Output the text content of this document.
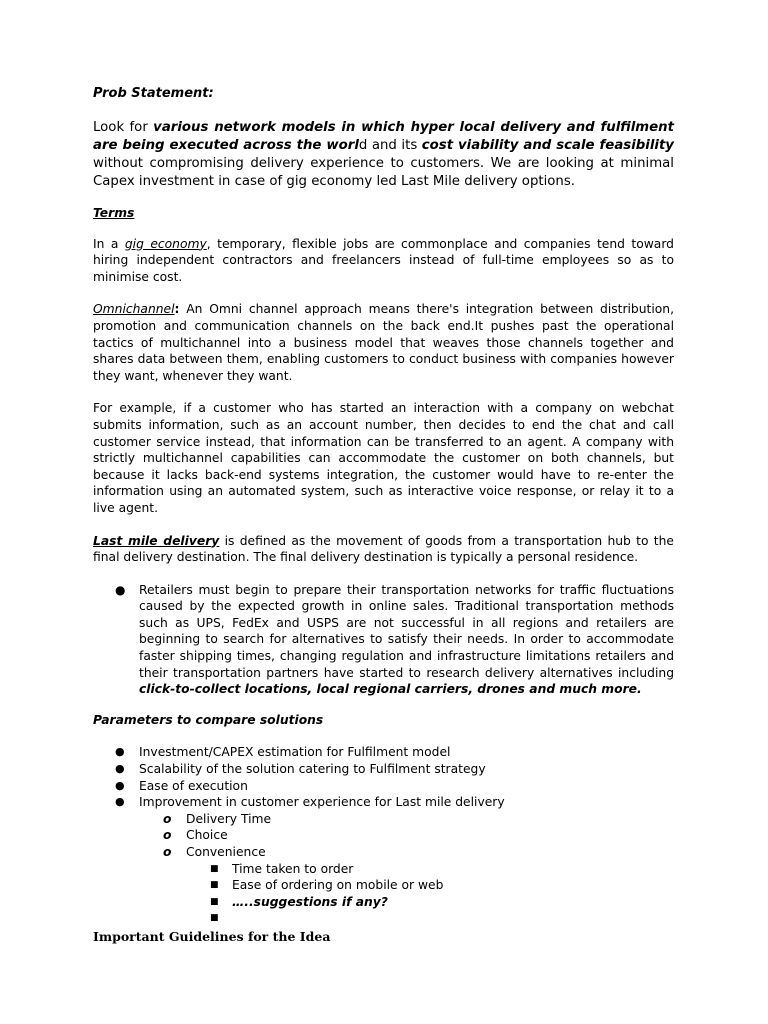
Prob Statement:

Look for various network models in which hyper local delivery and fulfilment are being executed across the world and its cost viability and scale feasibility without compromising delivery experience to customers. We are looking at minimal Capex investment in case of gig economy led Last Mile delivery options.

Terms

In a gig economy, temporary, flexible jobs are commonplace and companies tend toward hiring independent contractors and freelancers instead of full-time employees so as to minimise cost.

Omnichannel: An Omni channel approach means there's integration between distribution, promotion and communication channels on the back end.It pushes past the operational tactics of multichannel into a business model that weaves those channels together and shares data between them, enabling customers to conduct business with companies however they want, whenever they want.

For example, if a customer who has started an interaction with a company on webchat submits information, such as an account number, then decides to end the chat and call customer service instead, that information can be transferred to an agent. A company with strictly multichannel capabilities can accommodate the customer on both channels, but because it lacks back-end systems integration, the customer would have to re-enter the information using an automated system, such as interactive voice response, or relay it to a live agent.

Last mile delivery is defined as the movement of goods from a transportation hub to the final delivery destination. The final delivery destination is typically a personal residence.

● Retailers must begin to prepare their transportation networks for traffic fluctuations caused by the expected growth in online sales. Traditional transportation methods such as UPS, FedEx and USPS are not successful in all regions and retailers are beginning to search for alternatives to satisfy their needs. In order to accommodate faster shipping times, changing regulation and infrastructure limitations retailers and their transportation partners have started to research delivery alternatives including click-to-collect locations, local regional carriers, drones and much more.
Parameters to compare solutions
● Investment/CAPEX estimation for Fulfilment model
● Scalability of the solution catering to Fulfilment strategy
● Ease of execution
● Improvement in customer experience for Last mile delivery
o Delivery Time
o Choice
o Convenience
■ Time taken to order
■ Ease of ordering on mobile or web
■ …..suggestions if any?
■
Important Guidelines for the Idea
